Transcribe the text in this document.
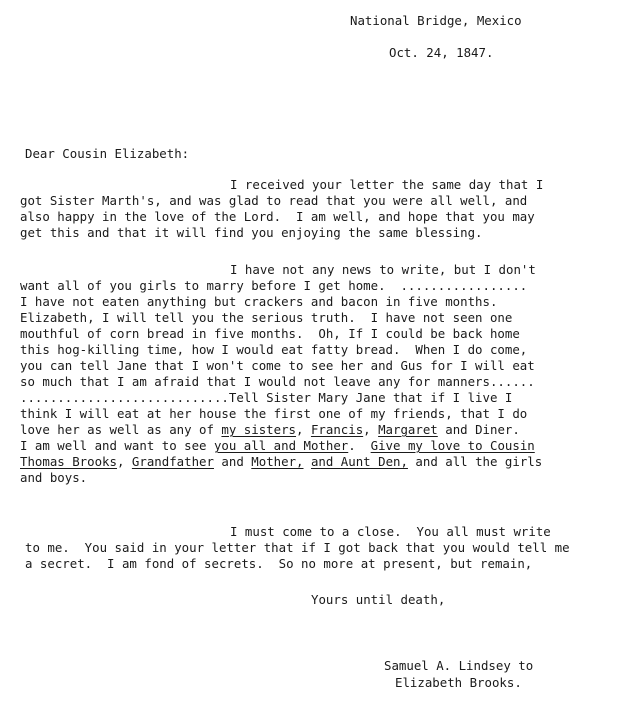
National Bridge, Mexico
Oct. 24, 1847.
Dear Cousin Elizabeth:
I received your letter the same day that I
got Sister Marth's, and was glad to read that you were all well, and
also happy in the love of the Lord.  I am well, and hope that you may
get this and that it will find you enjoying the same blessing.
I have not any news to write, but I don't
want all of you girls to marry before I get home.  .................
I have not eaten anything but crackers and bacon in five months.
Elizabeth, I will tell you the serious truth.  I have not seen one
mouthful of corn bread in five months.  Oh, If I could be back home
this hog-killing time, how I would eat fatty bread.  When I do come,
you can tell Jane that I won't come to see her and Gus for I will eat
so much that I am afraid that I would not leave any for manners......
............................Tell Sister Mary Jane that if I live I
think I will eat at her house the first one of my friends, that I do
love her as well as any of my sisters, Francis, Margaret and Diner.
I am well and want to see you all and Mother.  Give my love to Cousin
Thomas Brooks, Grandfather and Mother, and Aunt Den, and all the girls
and boys.
I must come to a close.  You all must write
to me.  You said in your letter that if I got back that you would tell me
a secret.  I am fond of secrets.  So no more at present, but remain,
Yours until death,
Samuel A. Lindsey to
Elizabeth Brooks.
